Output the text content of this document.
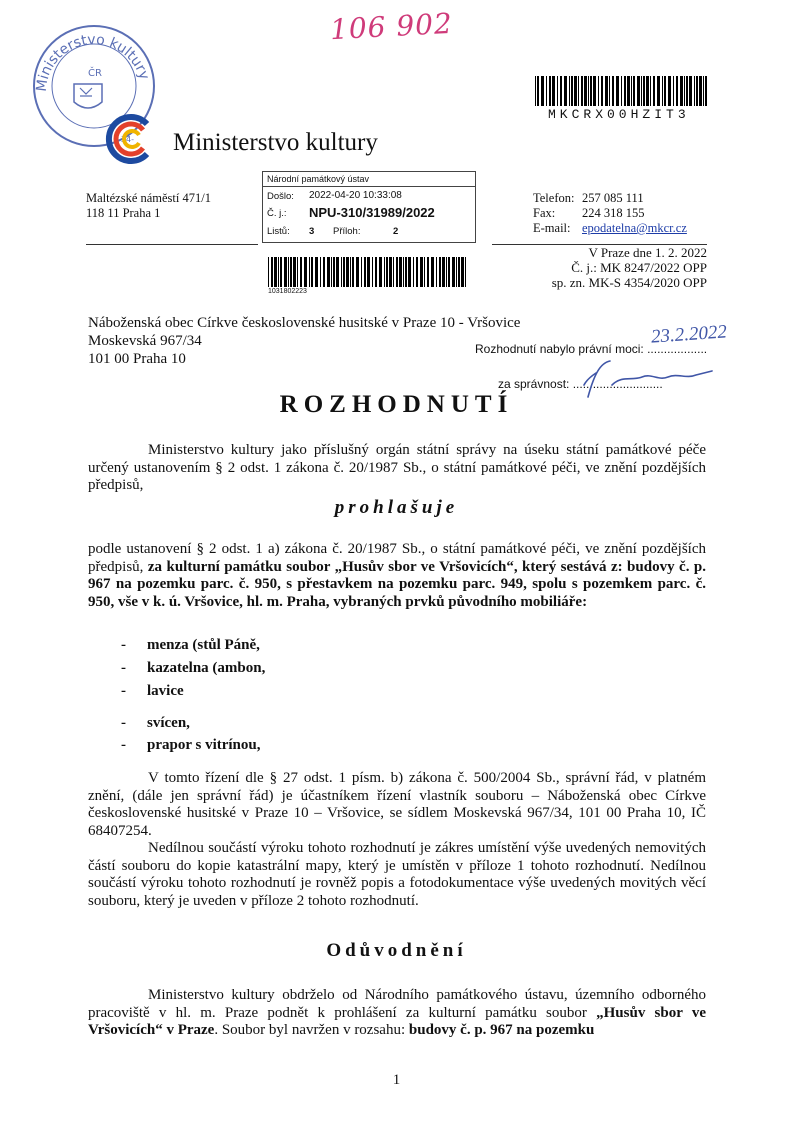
106 902
Ministerstvo kultury
ČR
-34- Ministerstvo kultury
MKCRX00HZIT3
Maltézské náměstí 471/1
118 11 Praha 1
Národní památkový ústav
Došlo: 2022-04-20 10:33:08
Č. j.: NPU-310/31989/2022
Listů: 3 Příloh:	2
1031802223
Telefon: 257 085 111
Fax: 224 318 155
E-mail: epodatelna@mkcr.cz
V Praze dne 1. 2. 2022
Č. j.: MK 8247/2022 OPP
sp. zn. MK-S 4354/2020 OPP
Náboženská obec Církve československé husitské v Praze 10 - Vršovice
Moskevská 967/34
101 00 Praha 10
Rozhodnutí nabylo právní moci: ..................
23.2.2022
za správnost: ...........................
ROZHODNUTÍ
Ministerstvo kultury jako příslušný orgán státní správy na úseku státní památkové péče určený ustanovením § 2 odst. 1 zákona č. 20/1987 Sb., o státní památkové péči, ve znění pozdějších předpisů,
prohlašuje
podle ustanovení § 2 odst. 1 a) zákona č. 20/1987 Sb., o státní památkové péči, ve znění pozdějších předpisů, za kulturní památku soubor „Husův sbor ve Vršovicích“, který sestává z: budovy č. p. 967 na pozemku parc. č. 950, s přestavkem na pozemku parc. 949, spolu s pozemkem parc. č. 950, vše v k. ú. Vršovice, hl. m. Praha, vybraných prvků původního mobiliáře:
- menza (stůl Páně,
- kazatelna (ambon,
- lavice
- svícen,
- prapor s vitrínou,

V tomto řízení dle § 27 odst. 1 písm. b) zákona č. 500/2004 Sb., správní řád, v platném znění, (dále jen správní řád) je účastníkem řízení vlastník souboru – Náboženská obec Církve československé husitské v Praze 10 – Vršovice, se sídlem Moskevská 967/34, 101 00 Praha 10, IČ 68407254.

Nedílnou součástí výroku tohoto rozhodnutí je zákres umístění výše uvedených nemovitých částí souboru do kopie katastrální mapy, který je umístěn v příloze 1 tohoto rozhodnutí. Nedílnou součástí výroku tohoto rozhodnutí je rovněž popis a fotodokumentace výše uvedených movitých věcí souboru, který je uveden v příloze 2 tohoto rozhodnutí.

Odůvodnění

Ministerstvo kultury obdrželo od Národního památkového ústavu, územního odborného pracoviště v hl. m. Praze podnět k prohlášení za kulturní památku soubor „Husův sbor ve Vršovicích“ v Praze. Soubor byl navržen v rozsahu: budovy č. p. 967 na pozemku

1
